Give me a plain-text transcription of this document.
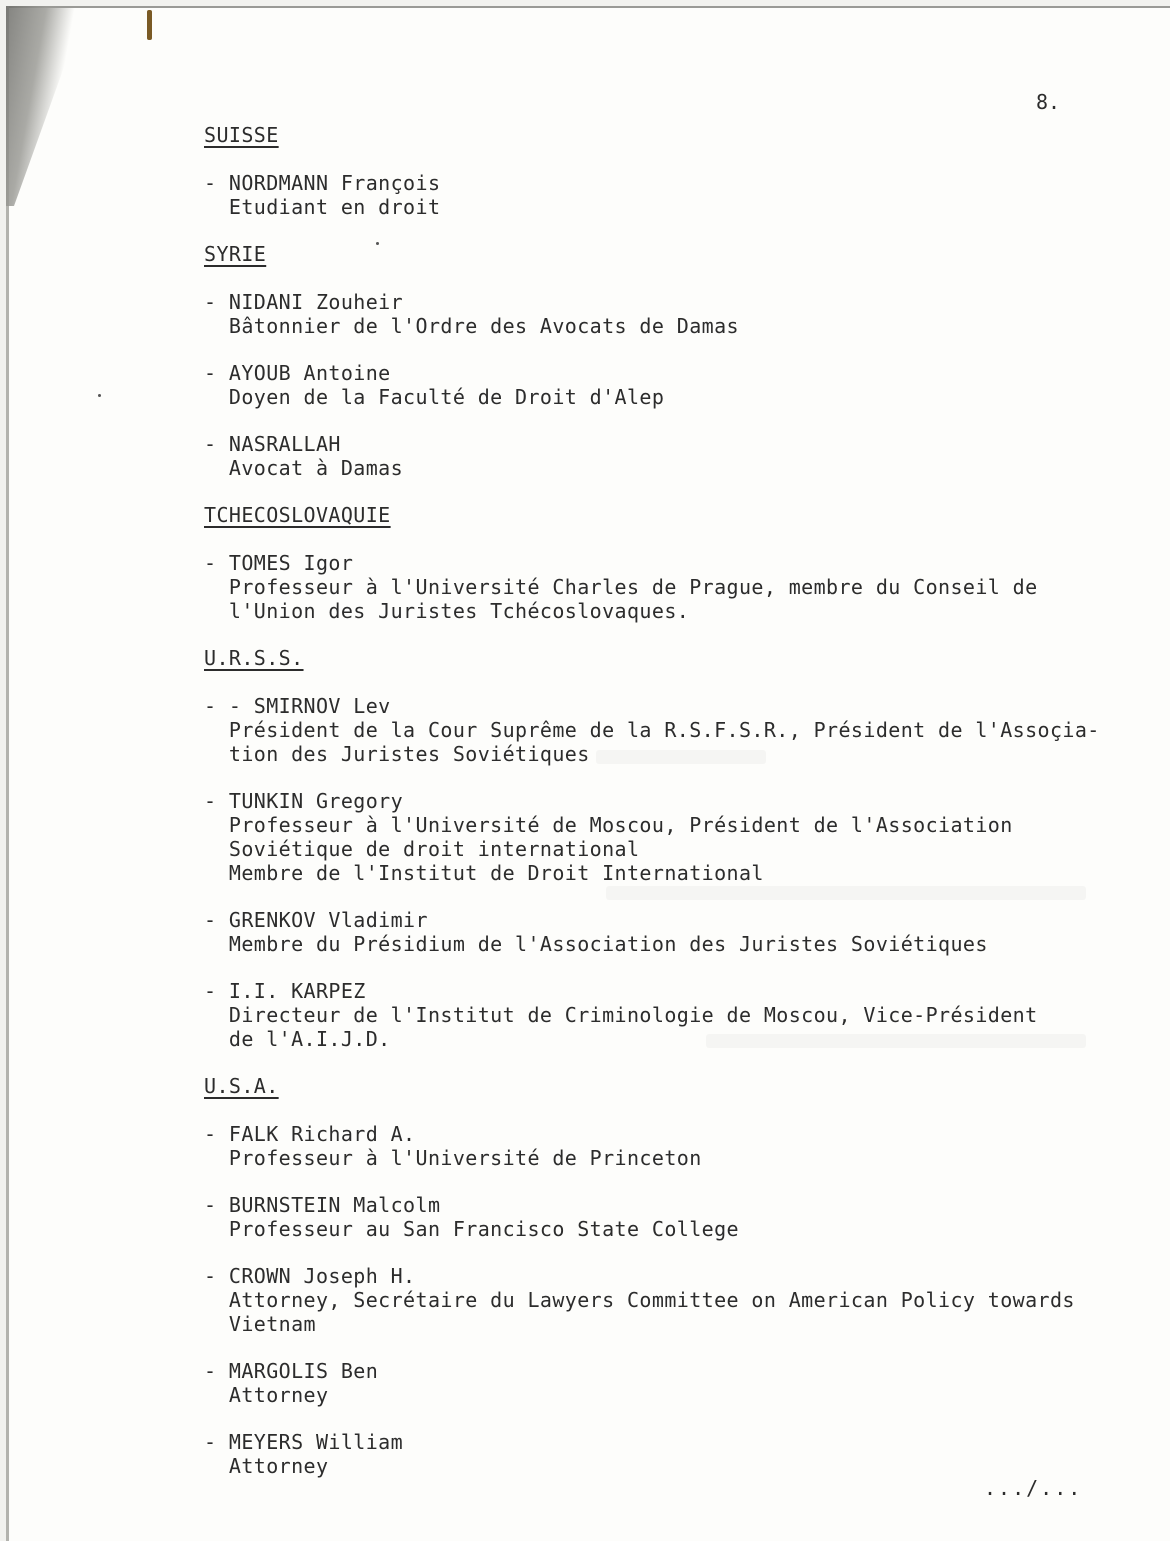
8.
SUISSE
- NORDMANN François
Etudiant en droit
SYRIE
- NIDANI Zouheir
Bâtonnier de l'Ordre des Avocats de Damas
- AYOUB Antoine
Doyen de la Faculté de Droit d'Alep
- NASRALLAH
Avocat à Damas
TCHECOSLOVAQUIE
- TOMES Igor
Professeur à l'Université Charles de Prague, membre du Conseil de
l'Union des Juristes Tchécoslovaques.
U.R.S.S.
- - SMIRNOV Lev
Président de la Cour Suprême de la R.S.F.S.R., Président de l'Assoçia-
tion des Juristes Soviétiques
- TUNKIN Gregory
Professeur à l'Université de Moscou, Président de l'Association
Soviétique de droit international
Membre de l'Institut de Droit International
- GRENKOV Vladimir
Membre du Présidium de l'Association des Juristes Soviétiques
- I.I. KARPEZ
Directeur de l'Institut de Criminologie de Moscou, Vice-Président
de l'A.I.J.D.
U.S.A.
- FALK Richard A.
Professeur à l'Université de Princeton
- BURNSTEIN Malcolm
Professeur au San Francisco State College
- CROWN Joseph H.
Attorney, Secrétaire du Lawyers Committee on American Policy towards
Vietnam
- MARGOLIS Ben
Attorney
- MEYERS William
Attorney
.../...
